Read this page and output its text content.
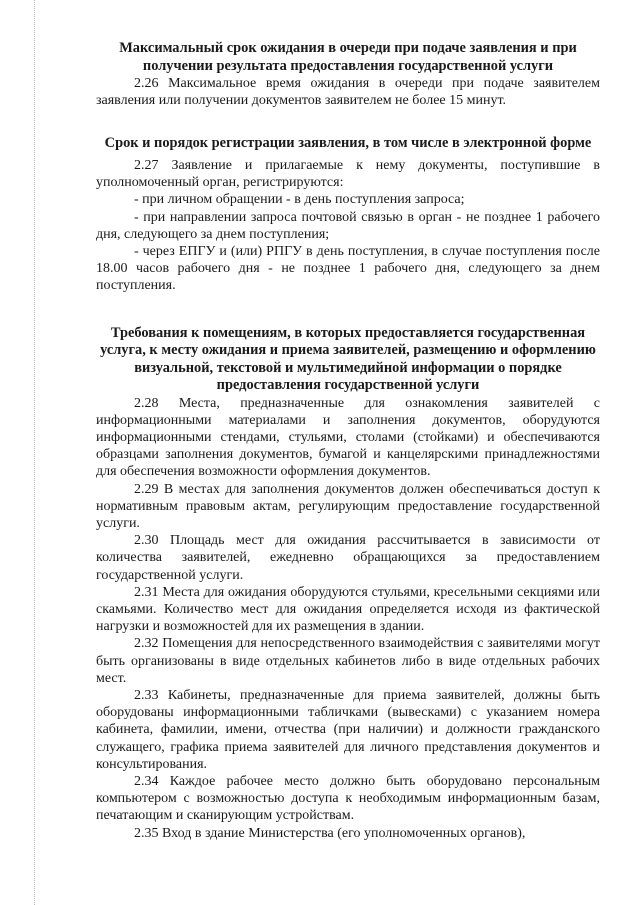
Максимальный срок ожидания в очереди при подаче заявления и при получении результата предоставления государственной услуги

2.26 Максимальное время ожидания в очереди при подаче заявителем заявления или получении документов заявителем не более 15 минут.

Срок и порядок регистрации заявления, в том числе в электронной форме

2.27 Заявление и прилагаемые к нему документы, поступившие в уполномоченный орган, регистрируются:

- при личном обращении - в день поступления запроса;

- при направлении запроса почтовой связью в орган - не позднее 1 рабочего дня, следующего за днем поступления;

- через ЕПГУ и (или) РПГУ в день поступления, в случае поступления после 18.00 часов рабочего дня - не позднее 1 рабочего дня, следующего за днем поступления.

Требования к помещениям, в которых предоставляется государственная услуга, к месту ожидания и приема заявителей, размещению и оформлению визуальной, текстовой и мультимедийной информации о порядке предоставления государственной услуги

2.28 Места, предназначенные для ознакомления заявителей с информационными материалами и заполнения документов, оборудуются информационными стендами, стульями, столами (стойками) и обеспечиваются образцами заполнения документов, бумагой и канцелярскими принадлежностями для обеспечения возможности оформления документов.

2.29 В местах для заполнения документов должен обеспечиваться доступ к нормативным правовым актам, регулирующим предоставление государственной услуги.

2.30 Площадь мест для ожидания рассчитывается в зависимости от количества заявителей, ежедневно обращающихся за предоставлением государственной услуги.

2.31 Места для ожидания оборудуются стульями, кресельными секциями или скамьями. Количество мест для ожидания определяется исходя из фактической нагрузки и возможностей для их размещения в здании.

2.32 Помещения для непосредственного взаимодействия с заявителями могут быть организованы в виде отдельных кабинетов либо в виде отдельных рабочих мест.

2.33 Кабинеты, предназначенные для приема заявителей, должны быть оборудованы информационными табличками (вывесками) с указанием номера кабинета, фамилии, имени, отчества (при наличии) и должности гражданского служащего, графика приема заявителей для личного представления документов и консультирования.

2.34 Каждое рабочее место должно быть оборудовано персональным компьютером с возможностью доступа к необходимым информационным базам, печатающим и сканирующим устройствам.

2.35 Вход в здание Министерства (его уполномоченных органов),
